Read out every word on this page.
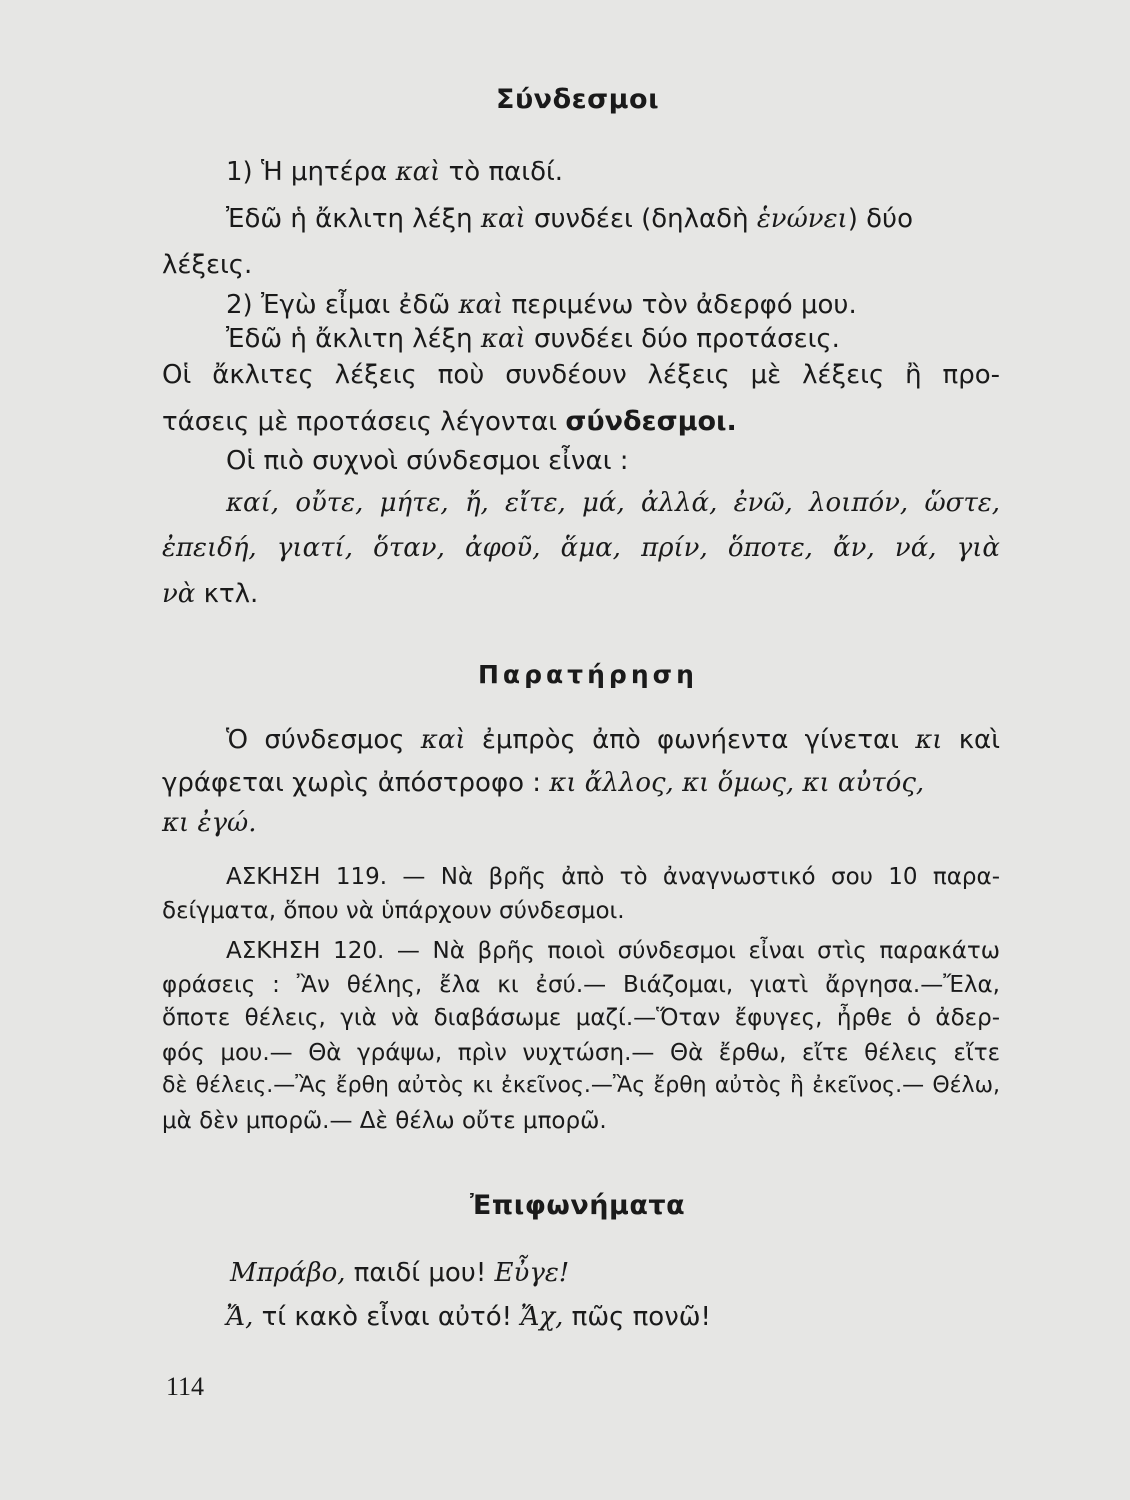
Σύνδεσμοι

1) Ἡ μητέρα καὶ τὸ παιδί.

Ἐδῶ ἡ ἄκλιτη λέξη καὶ συνδέει (δηλαδὴ ἑνώνει) δύο

λέξεις.

2) Ἐγὼ εἶμαι ἐδῶ καὶ περιμένω τὸν ἀδερφό μου.

Ἐδῶ ἡ ἄκλιτη λέξη καὶ συνδέει δύο προτάσεις.

Οἱ ἄκλιτες λέξεις ποὺ συνδέουν λέξεις μὲ λέξεις ἢ προ-

τάσεις μὲ προτάσεις λέγονται σύνδεσμοι.

Οἱ πιὸ συχνοὶ σύνδεσμοι εἶναι :

καί, οὔτε, μήτε, ἤ, εἴτε, μά, ἀλλά, ἐνῶ, λοιπόν, ὥστε,

ἐπειδή, γιατί, ὅταν, ἀφοῦ, ἅμα, πρίν, ὅποτε, ἄν, νά, γιὰ

νὰ κτλ.

Παρατήρηση

Ὁ σύνδεσμος καὶ ἐμπρὸς ἀπὸ φωνήεντα γίνεται κι καὶ

γράφεται χωρὶς ἀπόστροφο : κι ἄλλος, κι ὅμως, κι αὐτός,

κι ἐγώ.

ΑΣΚΗΣΗ 119. — Νὰ βρῆς ἀπὸ τὸ ἀναγνωστικό σου 10 παρα-

δείγματα, ὅπου νὰ ὑπάρχουν σύνδεσμοι.

ΑΣΚΗΣΗ 120. — Νὰ βρῆς ποιοὶ σύνδεσμοι εἶναι στὶς παρακάτω

φράσεις : Ἂν θέλης, ἔλα κι ἐσύ.— Βιάζομαι, γιατὶ ἄργησα.—Ἔλα,

ὅποτε θέλεις, γιὰ νὰ διαβάσωμε μαζί.—Ὅταν ἔφυγες, ἦρθε ὁ ἀδερ-

φός μου.— Θὰ γράψω, πρὶν νυχτώση.— Θὰ ἔρθω, εἴτε θέλεις εἴτε

δὲ θέλεις.—Ἂς ἔρθη αὐτὸς κι ἐκεῖνος.—Ἂς ἔρθη αὐτὸς ἢ ἐκεῖνος.— Θέλω,

μὰ δὲν μπορῶ.— Δὲ θέλω οὔτε μπορῶ.

Ἐπιφωνήματα

Μπράβο, παιδί μου! Εὖγε!

Ἄ, τί κακὸ εἶναι αὐτό! Ἄχ, πῶς πονῶ!

114
